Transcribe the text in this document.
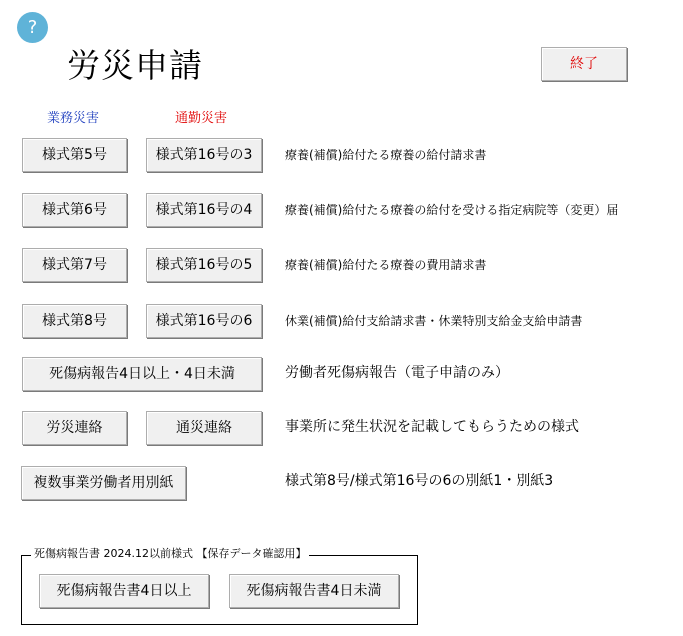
?
労災申請	終了
業務災害	通勤災害
様式第5号	様式第16号の3	療養(補償)給付たる療養の給付請求書
様式第6号	様式第16号の4	療養(補償)給付たる療養の給付を受ける指定病院等（変更）届
様式第7号	様式第16号の5	療養(補償)給付たる療養の費用請求書
様式第8号	様式第16号の6	休業(補償)給付支給請求書・休業特別支給金支給申請書
死傷病報告4日以上・4日未満	労働者死傷病報告（電子申請のみ）
労災連絡	通災連絡	事業所に発生状況を記載してもらうための様式
複数事業労働者用別紙	様式第8号/様式第16号の6の別紙1・別紙3
死傷病報告書 2024.12以前様式 【保存データ確認用】
死傷病報告書4日以上	死傷病報告書4日未満
